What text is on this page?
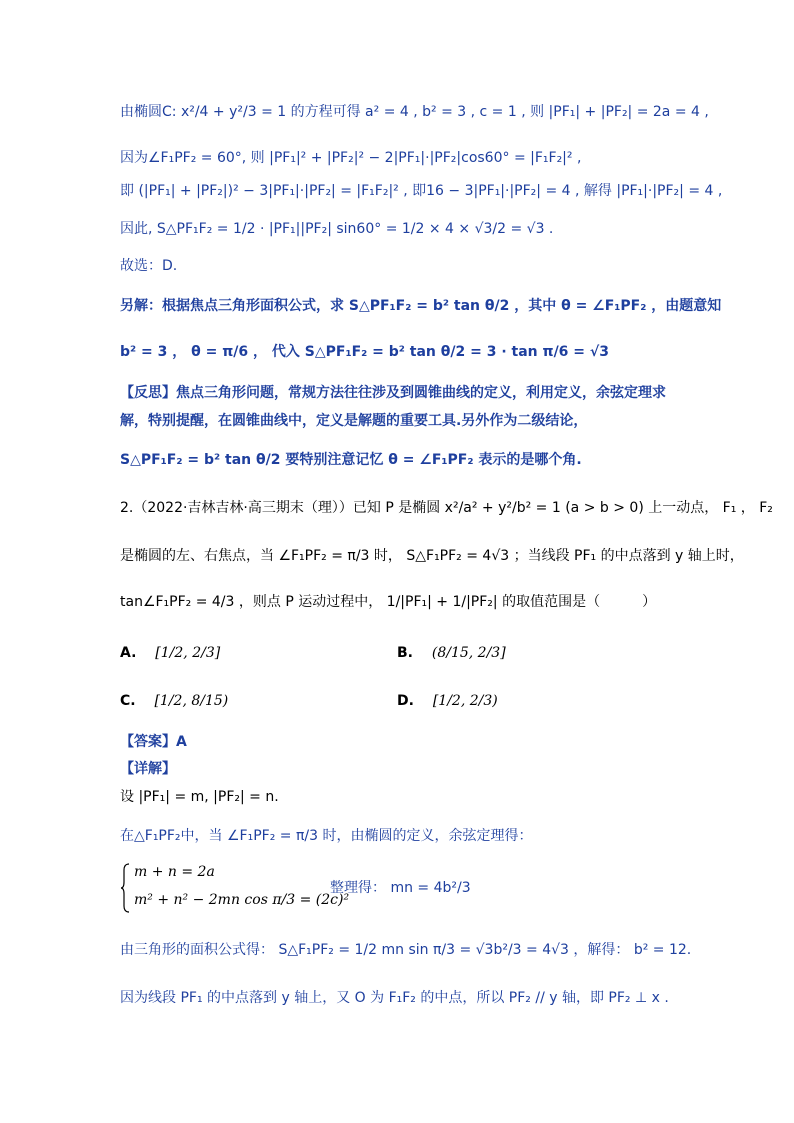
由椭圆C: x²/4 + y²/3 = 1 的方程可得 a² = 4 , b² = 3 , c = 1 , 则 |PF₁| + |PF₂| = 2a = 4 ,
因为∠F₁PF₂ = 60°, 则 |PF₁|² + |PF₂|² − 2|PF₁|·|PF₂|cos60° = |F₁F₂|² ,
即 (|PF₁| + |PF₂|)² − 3|PF₁|·|PF₂| = |F₁F₂|² , 即16 − 3|PF₁|·|PF₂| = 4 , 解得 |PF₁|·|PF₂| = 4 ,
因此, S△PF₁F₂ = 1/2 · |PF₁||PF₂| sin60° = 1/2 × 4 × √3/2 = √3 .
故选：D.
另解：根据焦点三角形面积公式，求 S△PF₁F₂ = b² tan θ/2 ，其中 θ = ∠F₁PF₂ ，由题意知
b² = 3 ， θ = π/6 ， 代入 S△PF₁F₂ = b² tan θ/2 = 3 · tan π/6 = √3
【反思】焦点三角形问题，常规方法往往涉及到圆锥曲线的定义，利用定义，余弦定理求
解，特别提醒，在圆锥曲线中，定义是解题的重要工具.另外作为二级结论，
S△PF₁F₂ = b² tan θ/2 要特别注意记忆 θ = ∠F₁PF₂ 表示的是哪个角.
2.（2022·吉林吉林·高三期末（理））已知 P 是椭圆 x²/a² + y²/b² = 1 (a > b > 0) 上一动点， F₁ ， F₂
是椭圆的左、右焦点，当 ∠F₁PF₂ = π/3 时， S△F₁PF₂ = 4√3 ；当线段 PF₁ 的中点落到 y 轴上时，
tan∠F₁PF₂ = 4/3 ，则点 P 运动过程中， 1/|PF₁| + 1/|PF₂| 的取值范围是（　　　）
A. [1/2, 2/3]	B. (8/15, 2/3]
C. [1/2, 8/15)	D. [1/2, 2/3)
【答案】A
【详解】
设 |PF₁| = m, |PF₂| = n.
在△F₁PF₂中，当 ∠F₁PF₂ = π/3 时，由椭圆的定义，余弦定理得：
m + n = 2a
m² + n² − 2mn cos π/3 = (2c)²
整理得： mn = 4b²/3
由三角形的面积公式得： S△F₁PF₂ = 1/2 mn sin π/3 = √3b²/3 = 4√3 ，解得： b² = 12.
因为线段 PF₁ 的中点落到 y 轴上，又 O 为 F₁F₂ 的中点，所以 PF₂ // y 轴，即 PF₂ ⊥ x .
